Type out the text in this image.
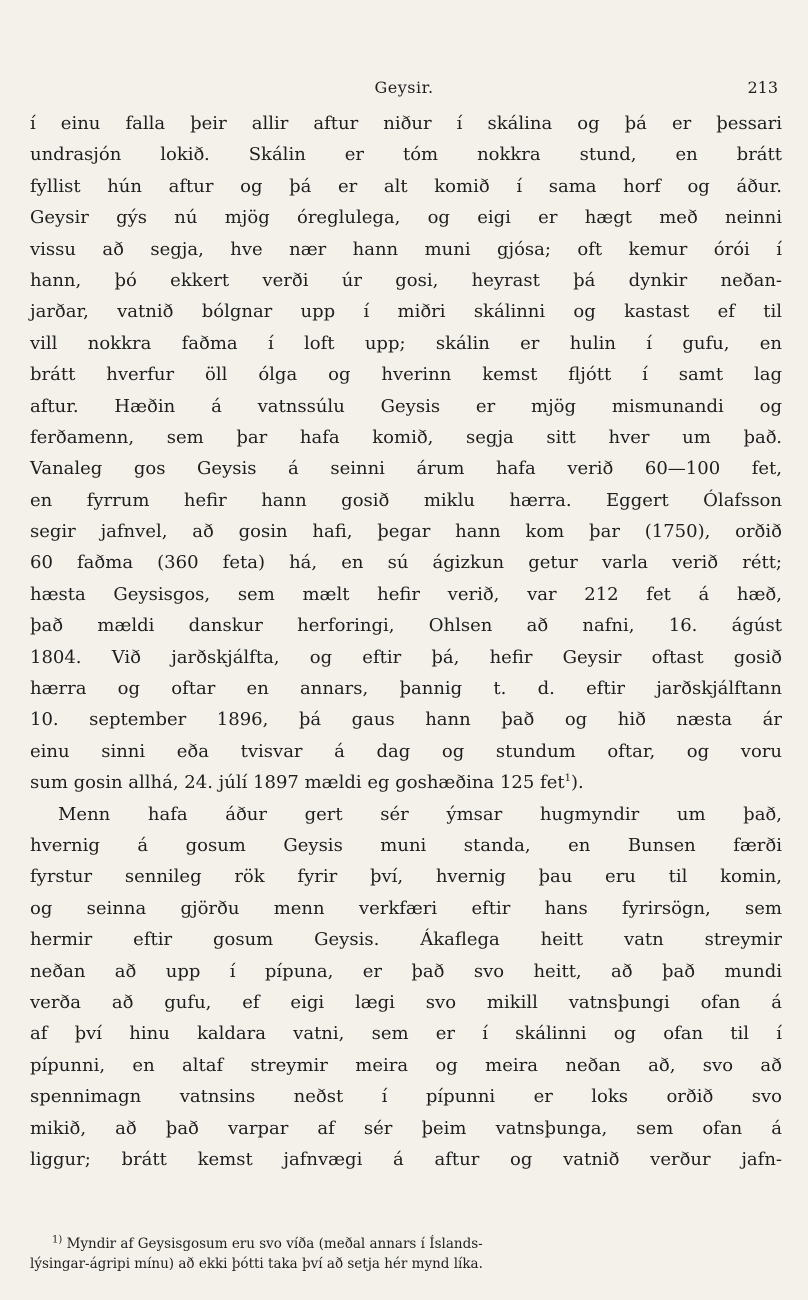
Geysir.	213
í einu falla þeir allir aftur niður í skálina og þá er þessari
undrasjón lokið. Skálin er tóm nokkra stund, en brátt
fyllist hún aftur og þá er alt komið í sama horf og áður.
Geysir gýs nú mjög óreglulega, og eigi er hægt með neinni
vissu að segja, hve nær hann muni gjósa; oft kemur órói í
hann, þó ekkert verði úr gosi, heyrast þá dynkir neðan-
jarðar, vatnið bólgnar upp í miðri skálinni og kastast ef til
vill nokkra faðma í loft upp; skálin er hulin í gufu, en
brátt hverfur öll ólga og hverinn kemst fljótt í samt lag
aftur. Hæðin á vatnssúlu Geysis er mjög mismunandi og
ferðamenn, sem þar hafa komið, segja sitt hver um það.
Vanaleg gos Geysis á seinni árum hafa verið 60—100 fet,
en fyrrum hefir hann gosið miklu hærra. Eggert Ólafsson
segir jafnvel, að gosin hafi, þegar hann kom þar (1750), orðið
60 faðma (360 feta) há, en sú ágizkun getur varla verið rétt;
hæsta Geysisgos, sem mælt hefir verið, var 212 fet á hæð,
það mældi danskur herforingi, Ohlsen að nafni, 16. ágúst
1804. Við jarðskjálfta, og eftir þá, hefir Geysir oftast gosið
hærra og oftar en annars, þannig t. d. eftir jarðskjálftann
10. september 1896, þá gaus hann það og hið næsta ár
einu sinni eða tvisvar á dag og stundum oftar, og voru
sum gosin allhá, 24. júlí 1897 mældi eg goshæðina 125 fet$^1$).
Menn hafa áður gert sér ýmsar hugmyndir um það,
hvernig á gosum Geysis muni standa, en Bunsen færði
fyrstur sennileg rök fyrir því, hvernig þau eru til komin,
og seinna gjörðu menn verkfæri eftir hans fyrirsögn, sem
hermir eftir gosum Geysis. Ákaflega heitt vatn streymir
neðan að upp í pípuna, er það svo heitt, að það mundi
verða að gufu, ef eigi lægi svo mikill vatnsþungi ofan á
af því hinu kaldara vatni, sem er í skálinni og ofan til í
pípunni, en altaf streymir meira og meira neðan að, svo að
spennimagn vatnsins neðst í pípunni er loks orðið svo
mikið, að það varpar af sér þeim vatnsþunga, sem ofan á
liggur; brátt kemst jafnvægi á aftur og vatnið verður jafn-
$^{1)}$ Myndir af Geysisgosum eru svo víða (meðal annars í Íslands-
lýsingar-ágripi mínu) að ekki þótti taka því að setja hér mynd líka.
